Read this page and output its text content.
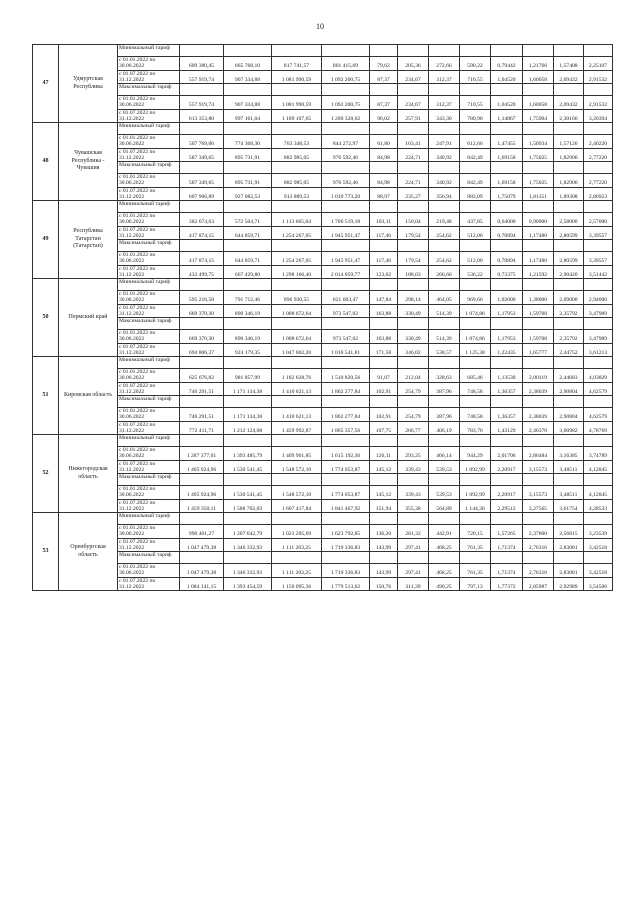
10
47	Удмуртская Республика	Минимальный тариф												
		с 01.01.2022 по 30.06.2022	609 380,45	665 768,10	817 741,57	801 415,69	79,62	205,36	272,66	590,22	0,79442	1,21766	1,57408	2,25107
		с 01.07.2022 по 31.12.2022	557 919,74	907 334,88	1 081 990,59	1 092 200,75	87,37	234,67	312,37	710,55	1,04520	1,60058	2,09432	2,91532
		Максимальный тариф												
		с 01.01.2022 по 30.06.2022	557 919,74	907 334,88	1 081 990,59	1 092 200,75	87,37	234,67	312,37	710,55	1,04520	1,60058	2,09432	2,91532
		с 01.07.2022 по 31.12.2022	613 353,80	997 161,04	1 189 107,65	1 200 328,62	96,02	257,91	343,30	780,90	1,14867	1,75904	2,30166	3,20394
48	Чувашская Республика - Чувашия	Минимальный тариф												
		с 01.01.2022 по 30.06.2022	507 769,06	774 368,30	763 348,53	844 272,97	61,80	163,41	247,91	612,66	1,47455	1,50934	1,57126	2,40220
		с 01.07.2022 по 31.12.2022	587 349,65	895 731,91	882 985,05	976 592,46	84,98	224,71	340,92	842,49	1,69158	1,75025	1,82906	2,77220
		Максимальный тариф												
		с 01.01.2022 по 30.06.2022	587 349,65	895 731,91	882 985,05	976 592,46	84,98	224,71	340,92	842,49	1,69158	1,75025	1,82906	2,77220
		с 01.07.2022 по 31.12.2022	607 906,89	927 082,53	913 889,53	1 010 773,20	88,97	235,27	356,94	882,09	1,75079	1,81151	1,89308	2,86923
49	Республика Татарстан (Татарстан)	Минимальный тариф												
		с 01.01.2022 по 30.06.2022	382 674,63	572 504,71	1 113 665,04	1 706 519,18	103,11	150,04	219,48	437,85	0,64000	0,90000	2,58000	2,57000
		с 01.07.2022 по 31.12.2022	417 874,15	644 859,71	1 254 267,05	1 945 951,47	117,46	179,54	254,62	512,00	0,70894	1,17480	2,80599	3,39557
		Максимальный тариф												
		с 01.01.2022 по 30.06.2022	417 874,15	644 859,71	1 254 267,05	1 945 951,47	117,46	179,54	254,62	512,00	0,70894	1,17480	2,80599	3,39557
		с 01.07.2022 по 31.12.2022	432 499,75	667 429,80	1 298 166,40	2 014 059,77	123,02	188,03	266,66	536,22	0,73375	1,21592	2,90420	3,51442
50	Пермский край	Минимальный тариф												
		с 01.01.2022 по 30.06.2022	595 216,58	791 712,46	896 930,55	821 603,47	147,84	298,14	464,05	969,66	1,02000	1,38000	2,09000	2,94000
		с 01.07.2022 по 31.12.2022	669 370,30	890 346,19	1 008 672,64	973 547,02	163,88	330,49	514,39	1 074,86	1,17953	1,59708	2,35792	3,47989
		Максимальный тариф												
		с 01.01.2022 по 30.06.2022	669 370,30	890 346,19	1 008 672,64	973 547,02	163,88	330,49	514,39	1 074,86	1,17953	1,59708	2,35792	3,47989
		с 01.07.2022 по 31.12.2022	694 806,37	924 179,35	1 047 002,20	1 010 541,81	171,58	346,02	538,57	1 125,38	1,22435	1,65777	2,44752	3,61213
51	Кировская область	Минимальный тариф												
		с 01.01.2022 по 30.06.2022	625 676,82	981 857,99	1 182 628,76	1 510 820,56	91,07	212,04	328,63	685,46	1,13530	2,00119	2,44683	4,03829
		с 01.07.2022 по 31.12.2022	746 291,51	1 171 134,38	1 410 621,13	1 802 277,84	102,91	254,79	387,96	748,58	1,36357	2,38039	2,90804	4,62579
		Максимальный тариф												
		с 01.01.2022 по 30.06.2022	746 291,51	1 171 134,38	1 410 621,13	1 802 277,84	102,91	254,79	387,96	748,58	1,36357	2,38039	2,90804	4,62579
		с 01.07.2022 по 31.12.2022	772 411,71	1 212 124,08	1 459 992,87	1 865 357,56	107,75	266,77	406,19	783,76	1,43129	2,46370	3,00982	4,78769
52	Нижегородская область	Минимальный тариф												
		с 01.01.2022 по 30.06.2022	1 287 377,01	1 393 485,79	1 409 901,85	1 615 192,36	126,11	293,25	466,14	944,29	2,01706	2,86484	3,16385	3,74789
		с 01.07.2022 по 31.12.2022	1 405 924,96	1 530 541,45	1 548 572,10	1 774 053,87	145,12	339,43	539,53	1 092,99	2,20917	3,15573	3,48511	4,12845
		Максимальный тариф												
		с 01.01.2022 по 30.06.2022	1 405 924,96	1 530 541,45	1 548 572,10	1 774 053,87	145,12	339,43	539,53	1 092,99	2,20917	3,15573	3,48511	4,12845
		с 01.07.2022 по 31.12.2022	1 459 350,11	1 588 702,03	1 607 417,84	1 841 467,92	151,94	355,38	564,89	1 144,36	2,29512	3,27565	3,61754	4,28533
53	Оренбургская область	Минимальный тариф												
		с 01.01.2022 по 30.06.2022	990 401,27	1 207 642,79	1 023 205,69	1 623 792,85	136,20	281,32	442,91	720,15	1,57265	2,37800	2,56815	3,23539
		с 01.07.2022 по 31.12.2022	1 047 479,38	1 346 332,93	1 111 203,25	1 719 336,83	143,99	297,41	468,25	761,35	1,71374	2,76316	2,83081	3,42518
		Максимальный тариф												
		с 01.01.2022 по 30.06.2022	1 047 479,38	1 346 332,93	1 111 203,25	1 719 336,83	143,99	297,41	468,25	761,35	1,71374	2,76316	2,83081	3,42518
		с 01.07.2022 по 31.12.2022	1 084 141,15	1 393 454,59	1 150 095,36	1 779 513,62	150,76	311,39	490,25	797,13	1,77372	2,85987	2,92989	3,54506
